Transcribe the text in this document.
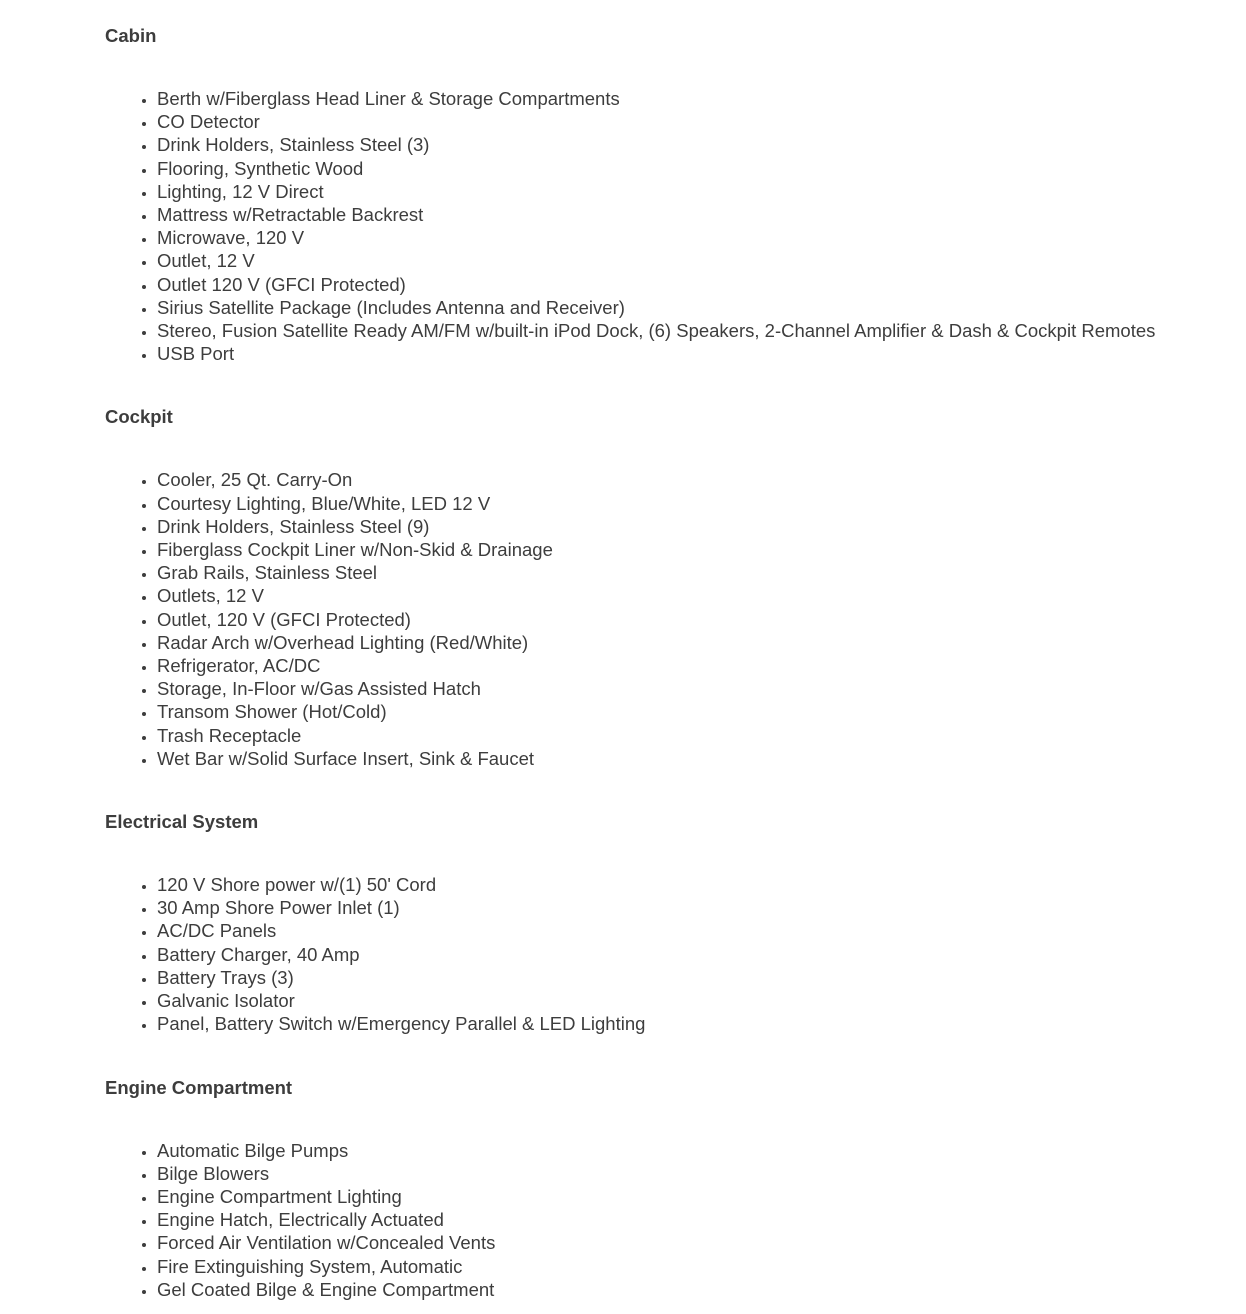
Cabin
• Berth w/Fiberglass Head Liner & Storage Compartments
• CO Detector
• Drink Holders, Stainless Steel (3)
• Flooring, Synthetic Wood
• Lighting, 12 V Direct
• Mattress w/Retractable Backrest
• Microwave, 120 V
• Outlet, 12 V
• Outlet 120 V (GFCI Protected)
• Sirius Satellite Package (Includes Antenna and Receiver)
• Stereo, Fusion Satellite Ready AM/FM w/built-in iPod Dock, (6) Speakers, 2-Channel Amplifier & Dash & Cockpit Remotes
• USB Port
Cockpit
• Cooler, 25 Qt. Carry-On
• Courtesy Lighting, Blue/White, LED 12 V
• Drink Holders, Stainless Steel (9)
• Fiberglass Cockpit Liner w/Non-Skid & Drainage
• Grab Rails, Stainless Steel
• Outlets, 12 V
• Outlet, 120 V (GFCI Protected)
• Radar Arch w/Overhead Lighting (Red/White)
• Refrigerator, AC/DC
• Storage, In-Floor w/Gas Assisted Hatch
• Transom Shower (Hot/Cold)
• Trash Receptacle
• Wet Bar w/Solid Surface Insert, Sink & Faucet
Electrical System
• 120 V Shore power w/(1) 50' Cord
• 30 Amp Shore Power Inlet (1)
• AC/DC Panels
• Battery Charger, 40 Amp
• Battery Trays (3)
• Galvanic Isolator
• Panel, Battery Switch w/Emergency Parallel & LED Lighting
Engine Compartment
• Automatic Bilge Pumps
• Bilge Blowers
• Engine Compartment Lighting
• Engine Hatch, Electrically Actuated
• Forced Air Ventilation w/Concealed Vents
• Fire Extinguishing System, Automatic
• Gel Coated Bilge & Engine Compartment
